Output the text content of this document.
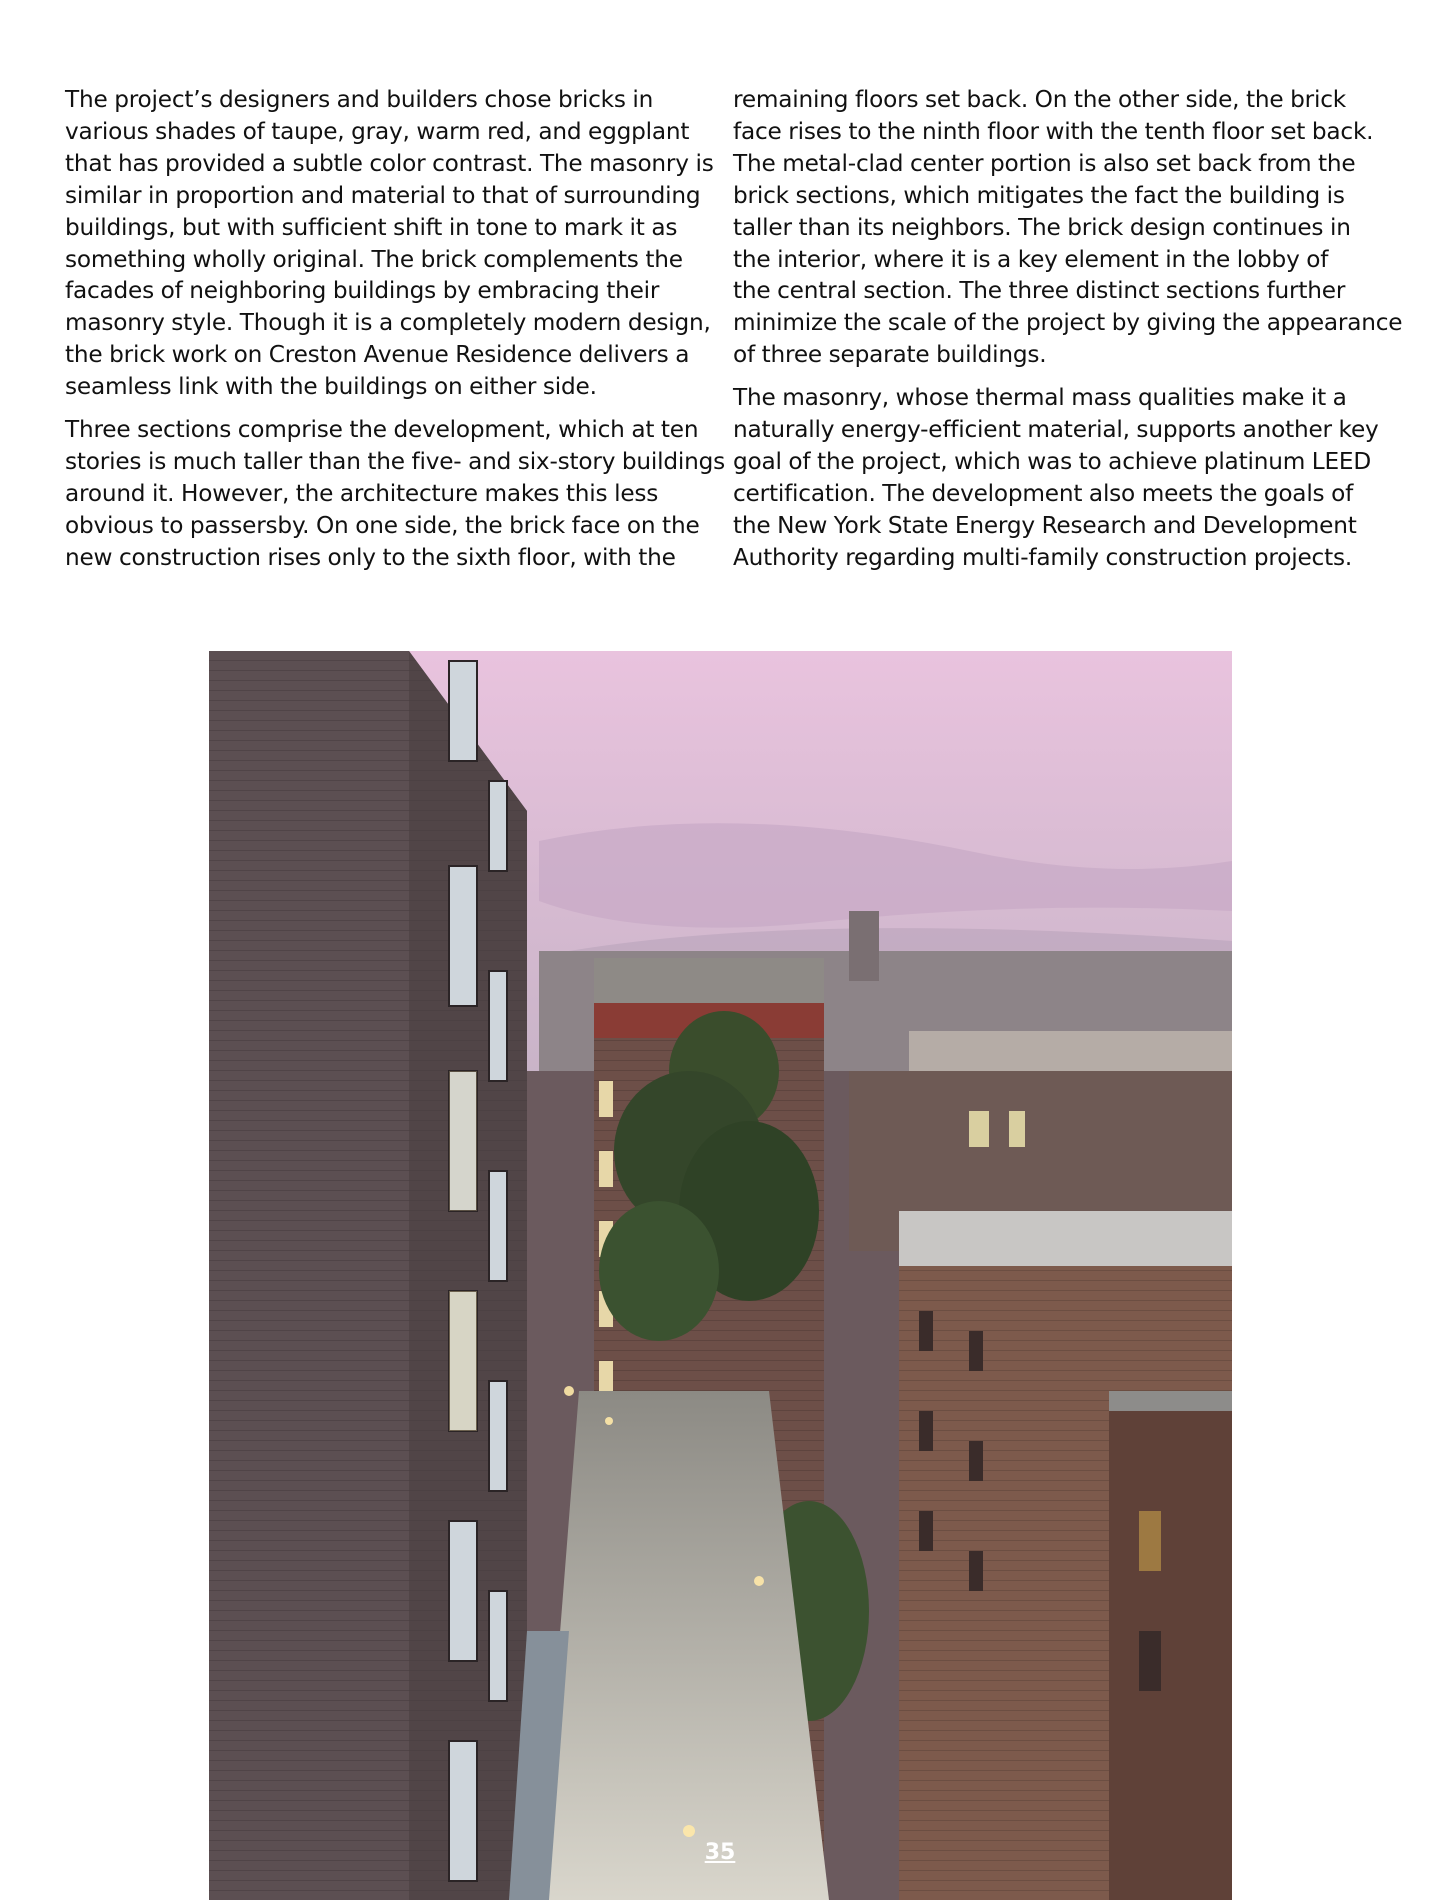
The project’s designers and builders chose bricks in
various shades of taupe, gray, warm red, and eggplant
that has provided a subtle color contrast. The masonry is
similar in proportion and material to that of surrounding
buildings, but with sufficient shift in tone to mark it as
something wholly original. The brick complements the
facades of neighboring buildings by embracing their
masonry style. Though it is a completely modern design,
the brick work on Creston Avenue Residence delivers a
seamless link with the buildings on either side.

Three sections comprise the development, which at ten
stories is much taller than the five- and six-story buildings
around it. However, the architecture makes this less
obvious to passersby. On one side, the brick face on the
new construction rises only to the sixth floor, with the

remaining floors set back. On the other side, the brick
face rises to the ninth floor with the tenth floor set back.
The metal-clad center portion is also set back from the
brick sections, which mitigates the fact the building is
taller than its neighbors. The brick design continues in
the interior, where it is a key element in the lobby of
the central section. The three distinct sections further
minimize the scale of the project by giving the appearance
of three separate buildings.

The masonry, whose thermal mass qualities make it a
naturally energy-efficient material, supports another key
goal of the project, which was to achieve platinum LEED
certification. The development also meets the goals of
the New York State Energy Research and Development
Authority regarding multi-family construction projects.

35
